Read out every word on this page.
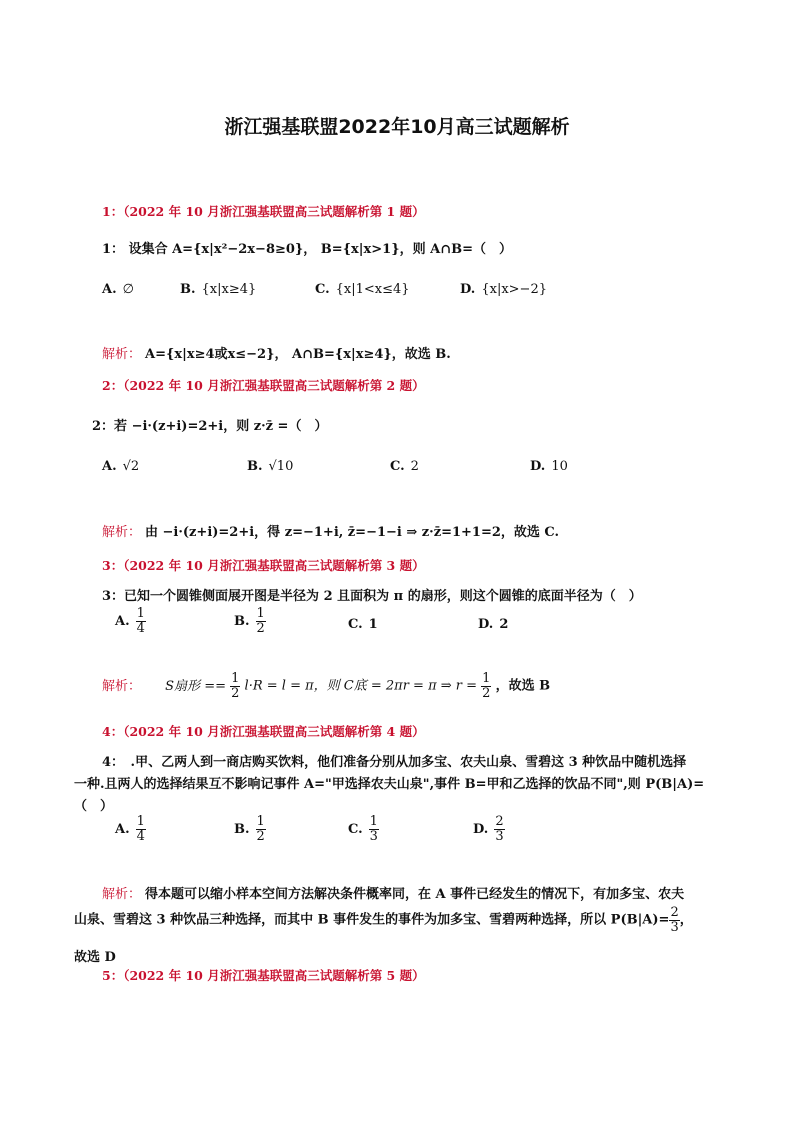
浙江强基联盟2022年10月高三试题解析
1：（2022 年 10 月浙江强基联盟高三试题解析第 1 题）
1： 设集合 A={x|x²−2x−8≥0}， B={x|x>1}，则 A∩B=（　）
A. ∅	B. {x|x≥4}	C. {x|1<x≤4}	D. {x|x>−2}
解析： A={x|x≥4或x≤−2}， A∩B={x|x≥4}，故选 B.
2：（2022 年 10 月浙江强基联盟高三试题解析第 2 题）
2：若 −i·(z+i)=2+i，则 z·z̄ =（　）
A. √2	B. √10	C. 2	D. 10
解析： 由 −i·(z+i)=2+i，得 z=−1+i, z̄=−1−i ⇒ z·z̄=1+1=2，故选 C.
3：（2022 年 10 月浙江强基联盟高三试题解析第 3 题）
3：已知一个圆锥侧面展开图是半径为 2 且面积为 π 的扇形，则这个圆锥的底面半径为（　）
A. $\frac{1}{4}$	B. $\frac{1}{2}$	C. 1	D. 2
解析： S扇形 == $\frac{1}{2} l\cdot R = l = \pi$，则 C底 = 2πr = π ⇒ $r = \frac{1}{2}$ ，故选 B
4：（2022 年 10 月浙江强基联盟高三试题解析第 4 题）
4：　.甲、乙两人到一商店购买饮料，他们准备分别从加多宝、农夫山泉、雪碧这 3 种饮品中随机选择
一种.且两人的选择结果互不影响记事件 A="甲选择农夫山泉",事件 B=甲和乙选择的饮品不同",则 P(B|A)=
（　）
A. $\frac{1}{4}$	B. $\frac{1}{2}$	C. $\frac{1}{3}$	D. $\frac{2}{3}$
解析： 得本题可以缩小样本空间方法解决条件概率同，在 A 事件已经发生的情况下，有加多宝、农夫
山泉、雪碧这 3 种饮品三种选择，而其中 B 事件发生的事件为加多宝、雪碧两种选择，所以 $P(B|A)= \frac{2}{3}$ ，
故选 D
5：（2022 年 10 月浙江强基联盟高三试题解析第 5 题）
